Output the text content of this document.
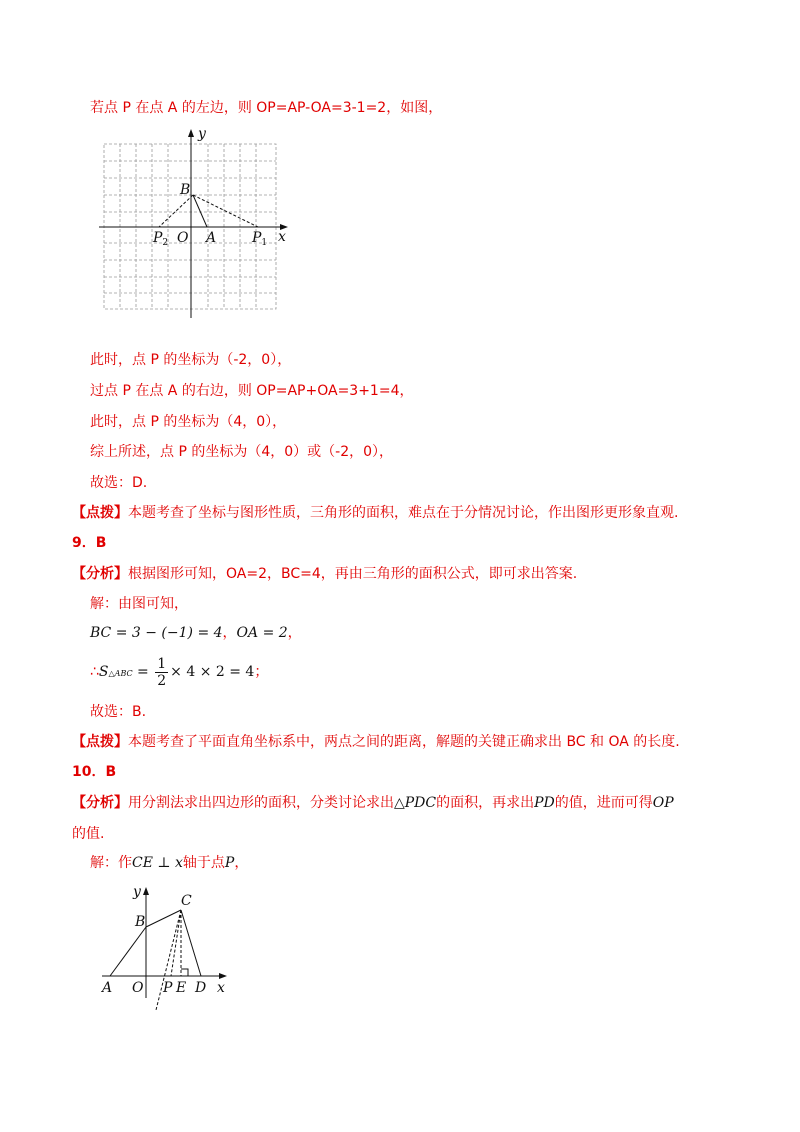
若点 P 在点 A 的左边，则 OP=AP-OA=3-1=2，如图，
y
x
B
O A
$P_2$	$P_1$
此时，点 P 的坐标为（-2，0），
过点 P 在点 A 的右边，则 OP=AP+OA=3+1=4，
此时，点 P 的坐标为（4，0），
综上所述，点 P 的坐标为（4，0）或（-2，0），
故选：D.
【点拨】本题考查了坐标与图形性质，三角形的面积，难点在于分情况讨论，作出图形更形象直观.
9．B
【分析】根据图形可知，OA=2，BC=4，再由三角形的面积公式，即可求出答案.
解：由图可知，
BC = 3 − (−1) = 4，OA = 2，
∴S△ABC = $\frac{1}{2} \times 4 \times 2 = 4$；
故选：B.
【点拨】本题考查了平面直角坐标系中，两点之间的距离，解题的关键正确求出 BC 和 OA 的长度.
10．B
【分析】用分割法求出四边形的面积，分类讨论求出△PDC的面积，再求出PD的值，进而可得OP
的值.
解：作CE ⊥ x轴于点P，
y
x
B
C
A O P E D
